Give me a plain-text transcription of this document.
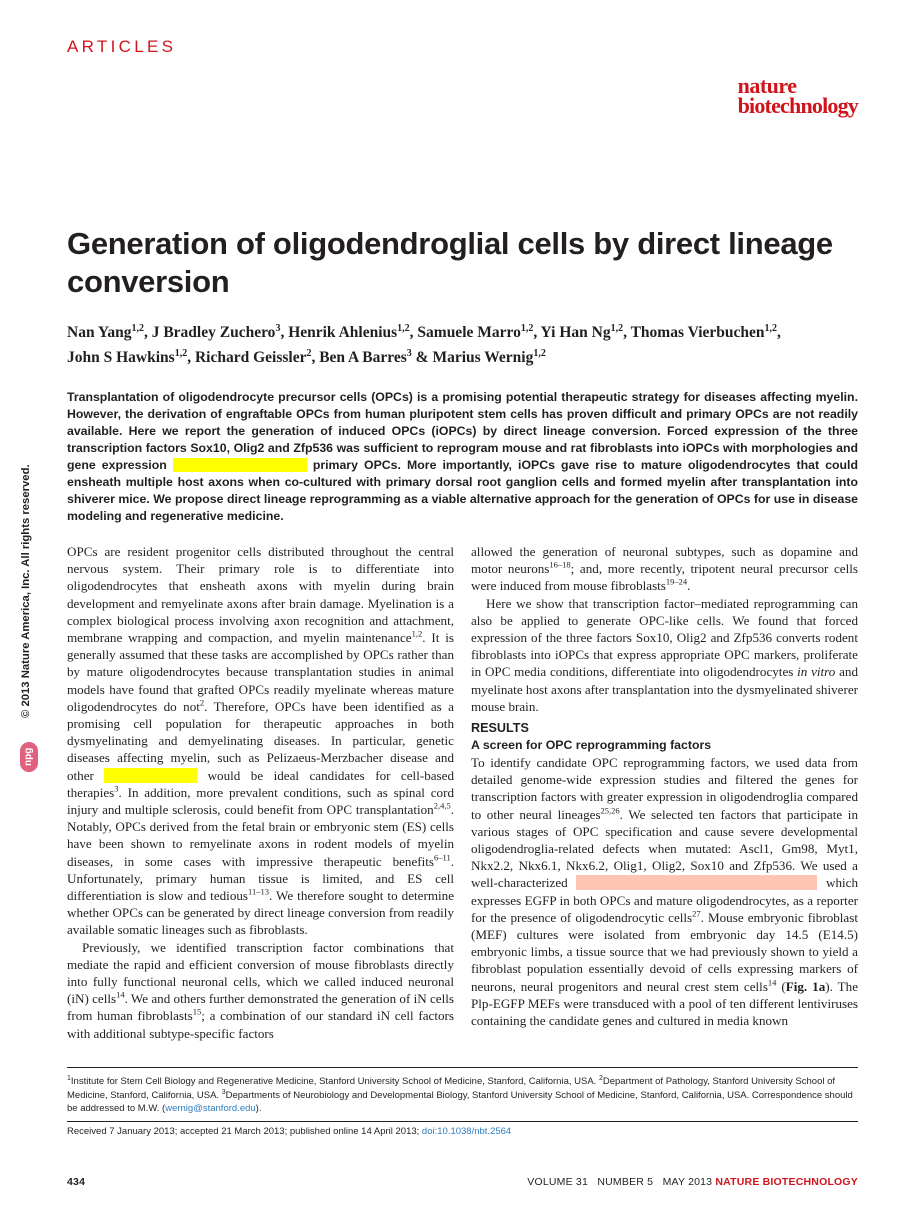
ARTICLES
nature
biotechnology
© 2013 Nature America, Inc. All rights reserved.
npg
Generation of oligodendroglial cells by direct lineage conversion
Nan Yang$^{1,2}$, J Bradley Zuchero$^3$, Henrik Ahlenius$^{1,2}$, Samuele Marro$^{1,2}$, Yi Han Ng$^{1,2}$, Thomas Vierbuchen$^{1,2}$,
John S Hawkins$^{1,2}$, Richard Geissler$^2$, Ben A Barres$^3$ & Marius Wernig$^{1,2}$
Transplantation of oligodendrocyte precursor cells (OPCs) is a promising potential therapeutic strategy for diseases affecting myelin. However, the derivation of engraftable OPCs from human pluripotent stem cells has proven difficult and primary OPCs are not readily available. Here we report the generation of induced OPCs (iOPCs) by direct lineage conversion. Forced expression of the three transcription factors Sox10, Olig2 and Zfp536 was sufficient to reprogram mouse and rat fibroblasts into iOPCs with morphologies and gene expression	primary OPCs. More importantly, iOPCs gave rise to mature oligodendrocytes that could ensheath multiple host axons when co-cultured with primary dorsal root ganglion cells and formed myelin after transplantation into shiverer mice. We propose direct lineage reprogramming as a viable alternative approach for the generation of OPCs for use in disease modeling and regenerative medicine.

OPCs are resident progenitor cells distributed throughout the central nervous system. Their primary role is to differentiate into oligodendrocytes that ensheath axons with myelin during brain development and remyelinate axons after brain damage. Myelination is a complex biological process involving axon recognition and attachment, membrane wrapping and compaction, and myelin maintenance$^{1,2}$. It is generally assumed that these tasks are accomplished by OPCs rather than by mature oligodendrocytes because transplantation studies in animal models have found that grafted OPCs readily myelinate whereas mature oligodendrocytes do not$^2$. Therefore, OPCs have been identified as a promising cell population for therapeutic approaches in both dysmyelinating and demyelinating diseases. In particular, genetic diseases affecting myelin, such as Pelizaeus-Merzbacher disease and other	would be ideal candidates for cell-based therapies$^3$. In addition, more prevalent conditions, such as spinal cord injury and multiple sclerosis, could benefit from OPC transplantation$^{2,4,5}$. Notably, OPCs derived from the fetal brain or embryonic stem (ES) cells have been shown to remyelinate axons in rodent models of myelin diseases, in some cases with impressive therapeutic benefits$^{6-11}$. Unfortunately, primary human tissue is limited, and ES cell differentiation is slow and tedious$^{11-13}$. We therefore sought to determine whether OPCs can be generated by direct lineage conversion from readily available somatic lineages such as fibroblasts.

Previously, we identified transcription factor combinations that mediate the rapid and efficient conversion of mouse fibroblasts directly into fully functional neuronal cells, which we called induced neuronal (iN) cells$^{14}$. We and others further demonstrated the generation of iN cells from human fibroblasts$^{15}$; a combination of our standard iN cell factors with additional subtype-specific factors

allowed the generation of neuronal subtypes, such as dopamine and motor neurons$^{16-18}$; and, more recently, tripotent neural precursor cells were induced from mouse fibroblasts$^{19-24}$.

Here we show that transcription factor–mediated reprogramming can also be applied to generate OPC-like cells. We found that forced expression of the three factors Sox10, Olig2 and Zfp536 converts rodent fibroblasts into iOPCs that express appropriate OPC markers, proliferate in OPC media conditions, differentiate into oligodendrocytes in vitro and myelinate host axons after transplantation into the dysmyelinated shiverer mouse brain.

RESULTS
A screen for OPC reprogramming factors

To identify candidate OPC reprogramming factors, we used data from detailed genome-wide expression studies and filtered the genes for transcription factors with greater expression in oligodendroglia compared to other neural lineages$^{25,26}$. We selected ten factors that participate in various stages of OPC specification and cause severe developmental oligodendroglia-related defects when mutated: Ascl1, Gm98, Myt1, Nkx2.2, Nkx6.1, Nkx6.2, Olig1, Olig2, Sox10 and Zfp536. We used a well-characterized	which expresses EGFP in both OPCs and mature oligodendrocytes, as a reporter for the presence of oligodendrocytic cells$^{27}$. Mouse embryonic fibroblast (MEF) cultures were isolated from embryonic day 14.5 (E14.5) embryonic limbs, a tissue source that we had previously shown to yield a fibroblast population essentially devoid of cells expressing markers of neurons, neural progenitors and neural crest stem cells$^{14}$ (Fig. 1a). The Plp-EGFP MEFs were transduced with a pool of ten different lentiviruses containing the candidate genes and cultured in media known

$^1$Institute for Stem Cell Biology and Regenerative Medicine, Stanford University School of Medicine, Stanford, California, USA. $^2$Department of Pathology, Stanford University School of Medicine, Stanford, California, USA. $^3$Departments of Neurobiology and Developmental Biology, Stanford University School of Medicine, Stanford, California, USA. Correspondence should be addressed to M.W. (wernig@stanford.edu).
Received 7 January 2013; accepted 21 March 2013; published online 14 April 2013; doi:10.1038/nbt.2564
434	VOLUME 31   NUMBER 5   MAY 2013 NATURE BIOTECHNOLOGY
